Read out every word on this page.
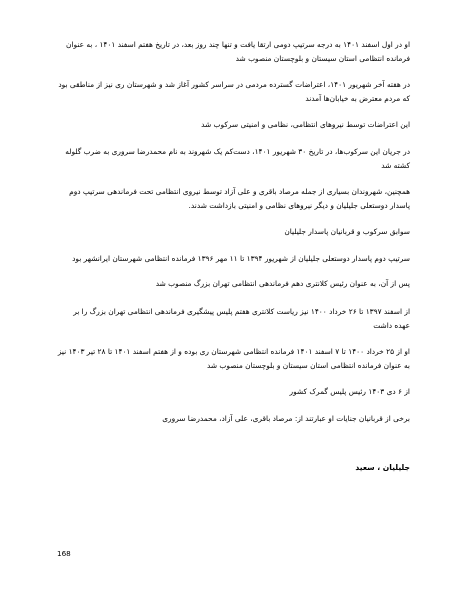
او در اول اسفند ۱۴۰۱ به درجه سرتیپ دومی ارتقا یافت و تنها چند روز بعد، در تاریخ هفتم اسفند ۱۴۰۱ ، به عنوان فرمانده انتظامی استان سیستان و بلوچستان منصوب شد

در هفته آخر شهریور ۱۴۰۱، اعتراضات گسترده مردمی در سراسر کشور آغاز شد و شهرستان ری نیز از مناطقی بود که مردم معترض به خیابان‌ها آمدند

این اعتراضات توسط نیروهای انتظامی، نظامی و امنیتی سرکوب شد

در جریان این سرکوب‌ها، در تاریخ ۳۰ شهریور ۱۴۰۱، دست‌کم یک شهروند به نام محمدرضا سروری به ضرب گلوله کشته شد

همچنین، شهروندان بسیاری از جمله مرصاد باقری و علی آزاد توسط نیروی انتظامی تحت فرماندهی سرتیپ دوم پاسدار دوستعلی جلیلیان و دیگر نیروهای نظامی و امنیتی بازداشت شدند.

سوابق سرکوب و قربانیان پاسدار جلیلیان

سرتیپ دوم پاسدار دوستعلی جلیلیان از شهریور ۱۳۹۴ تا ۱۱ مهر ۱۳۹۶ فرمانده انتظامی شهرستان ایرانشهر بود

پس از آن، به عنوان رئیس کلانتری دهم فرماندهی انتظامی تهران بزرگ منصوب شد

از اسفند ۱۳۹۷ تا ۲۶ خرداد ۱۴۰۰ نیز ریاست کلانتری هفتم پلیس پیشگیری فرماندهی انتظامی تهران بزرگ را بر عهده داشت

او از ۲۵ خرداد ۱۴۰۰ تا ۷ اسفند ۱۴۰۱ فرمانده انتظامی شهرستان ری بوده و از هفتم اسفند ۱۴۰۱ تا ۲۸ تیر ۱۴۰۳ نیز به عنوان فرمانده انتظامی استان سیستان و بلوچستان منصوب شد

از ۶ دی ۱۴۰۳ رئیس پلیس گمرک کشور

برخی از قربانیان جنایات او عبارتند از: مرصاد باقری، علی آزاد، محمدرضا سروری

جلیلیان ، سعید
168
